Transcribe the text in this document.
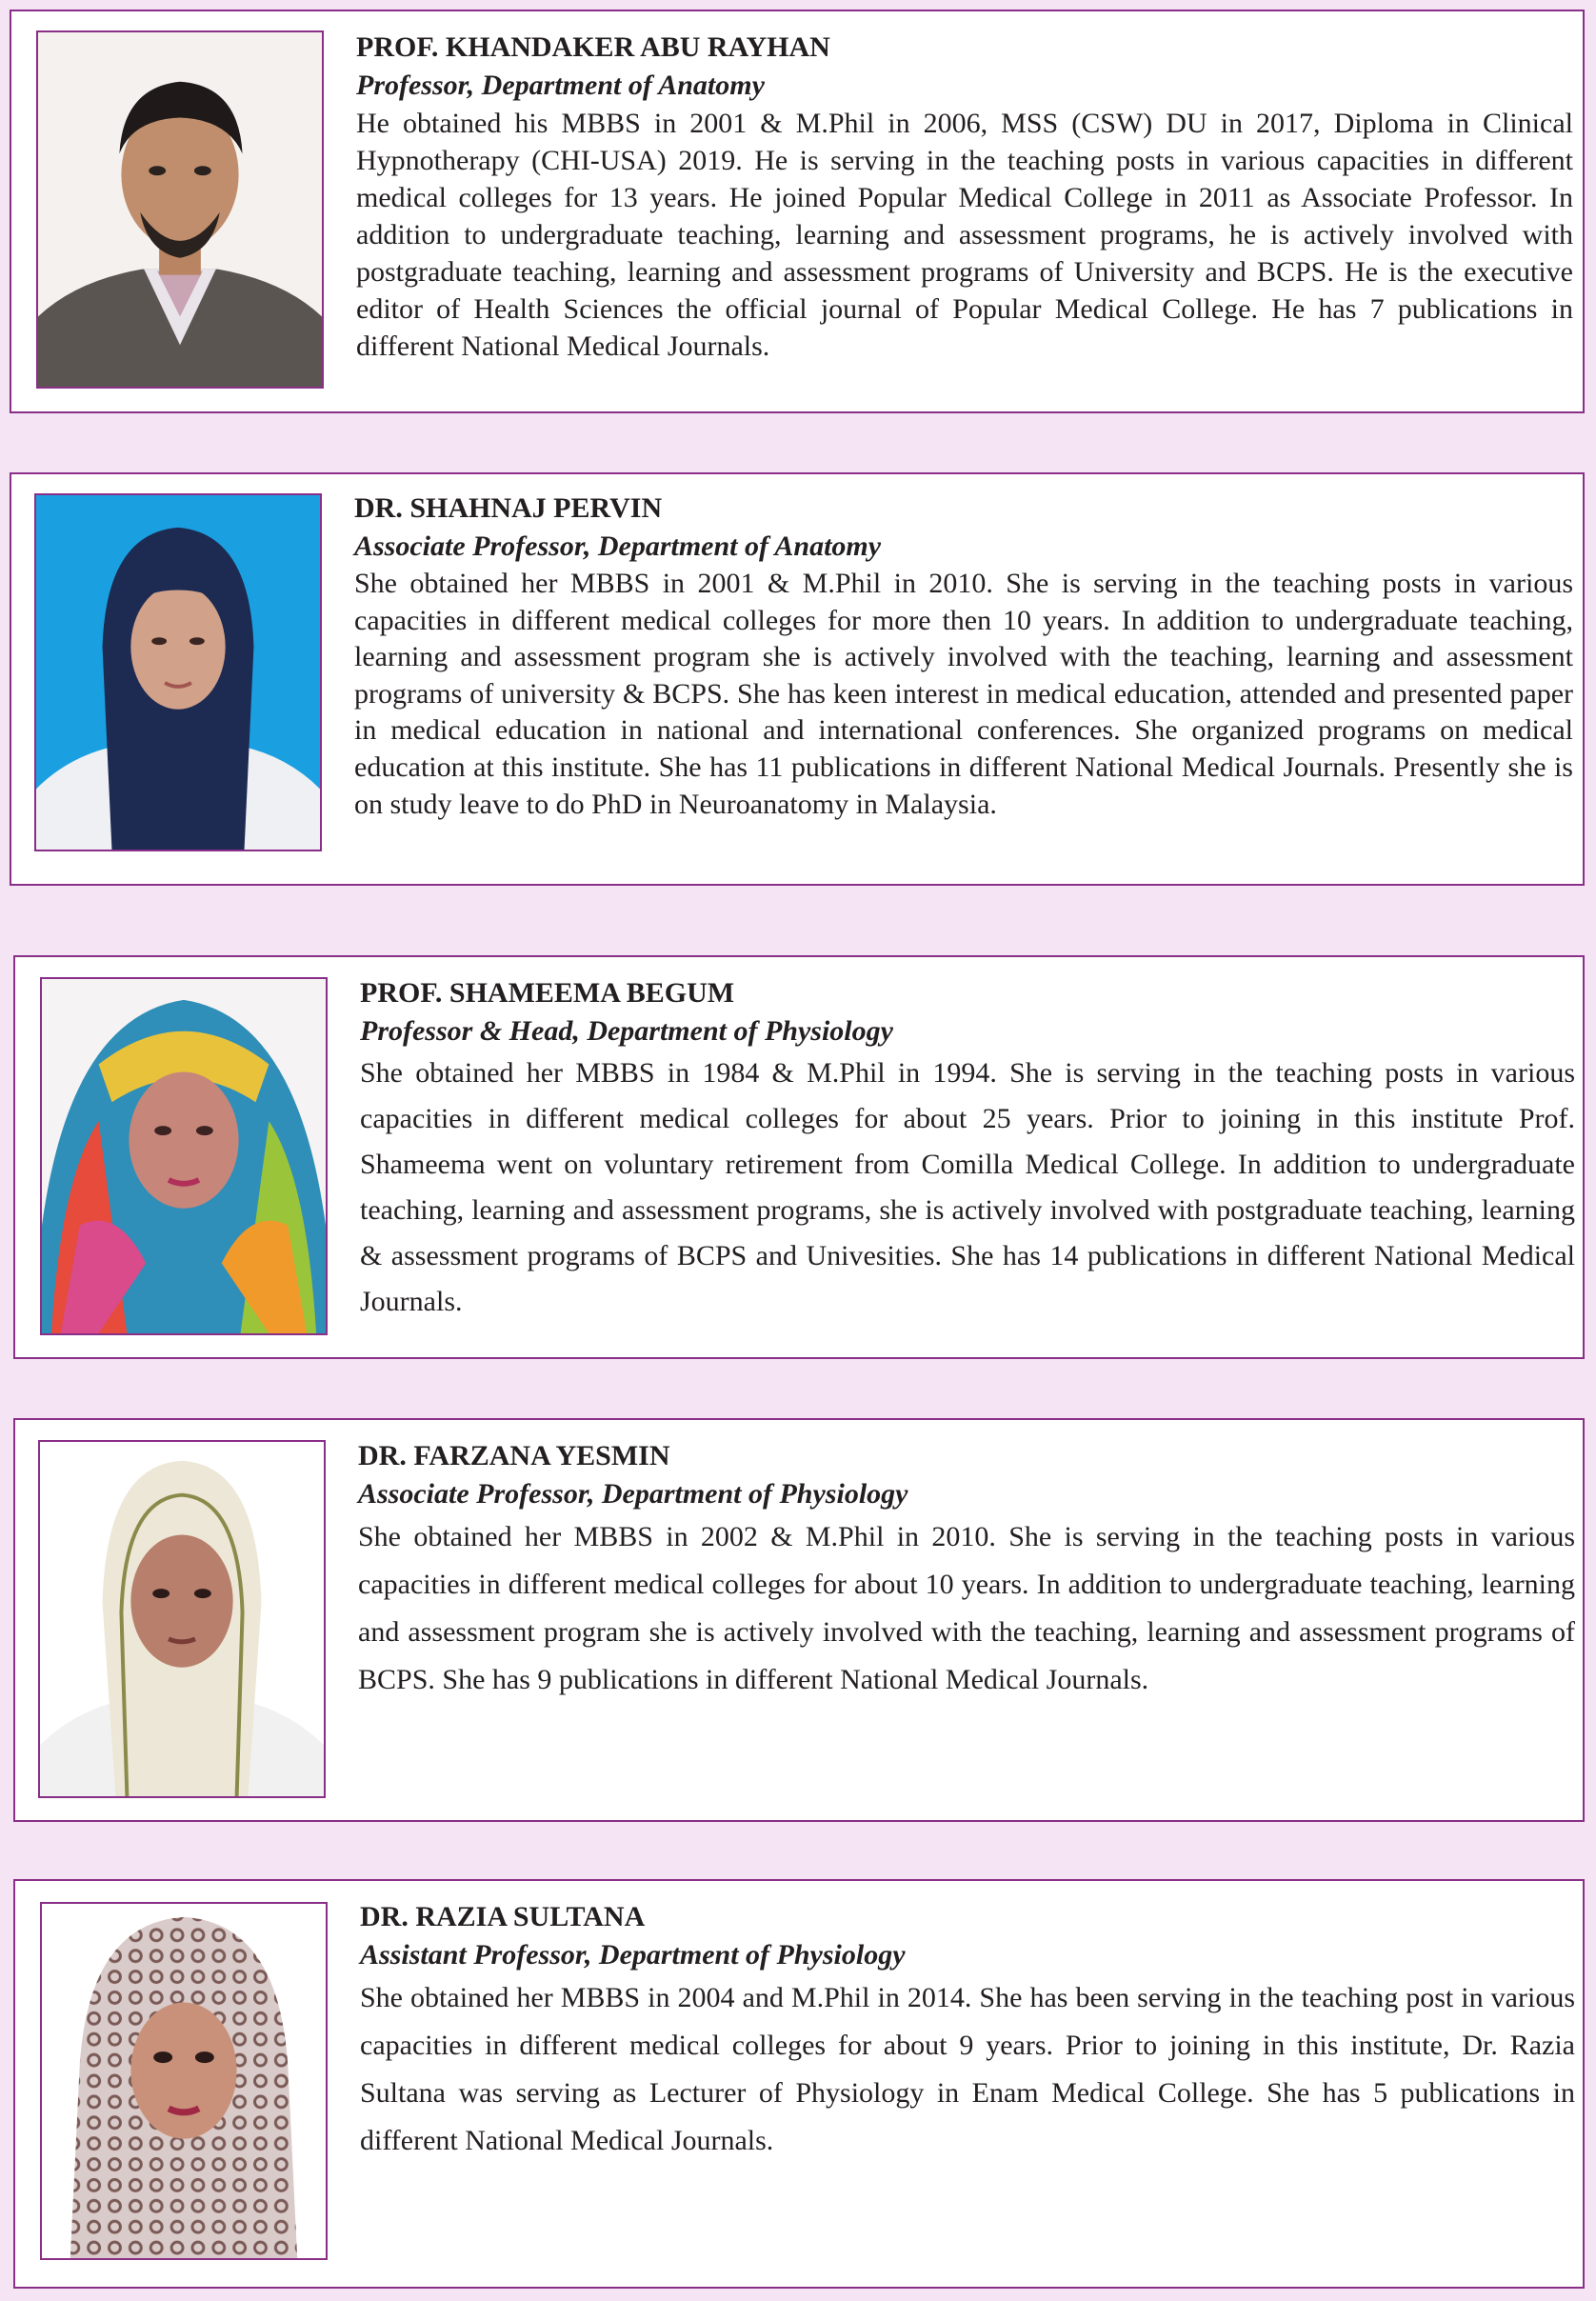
PROF. KHANDAKER ABU RAYHAN

Professor, Department of Anatomy

He obtained his MBBS in 2001 & M.Phil in 2006, MSS (CSW) DU in 2017, Diploma in Clinical Hypnotherapy (CHI-USA) 2019. He is serving in the teaching posts in various capacities in different medical colleges for 13 years. He joined Popular Medical College in 2011 as Associate Professor. In addition to undergraduate teaching, learning and assessment programs, he is actively involved with postgraduate teaching, learning and assessment programs of University and BCPS. He is the executive editor of Health Sciences the official journal of Popular Medical College. He has 7 publications in different National Medical Journals.

DR. SHAHNAJ PERVIN

Associate Professor, Department of Anatomy

She obtained her MBBS in 2001 & M.Phil in 2010. She is serving in the teaching posts in various capacities in different medical colleges for more then 10 years. In addition to undergraduate teaching, learning and assessment program she is actively involved with the teaching, learning and assessment programs of university & BCPS. She has keen interest in medical education, attended and presented paper in medical education in national and international conferences. She organized programs on medical education at this institute. She has 11 publications in different National Medical Journals. Presently she is on study leave to do PhD in Neuroanatomy in Malaysia.

PROF. SHAMEEMA BEGUM

Professor & Head, Department of Physiology

She obtained her MBBS in 1984 & M.Phil in 1994. She is serving in the teaching posts in various capacities in different medical colleges for about 25 years. Prior to joining in this institute Prof. Shameema went on voluntary retirement from Comilla Medical College. In addition to undergraduate teaching, learning and assessment programs, she is actively involved with postgraduate teaching, learning & assessment programs of BCPS and Univesities. She has 14 publications in different National Medical Journals.

DR. FARZANA YESMIN

Associate Professor, Department of Physiology

She obtained her MBBS in 2002 & M.Phil in 2010. She is serving in the teaching posts in various capacities in different medical colleges for about 10 years. In addition to undergraduate teaching, learning and assessment program she is actively involved with the teaching, learning and assessment programs of BCPS. She has 9 publications in different National Medical Journals.

DR. RAZIA SULTANA

Assistant Professor, Department of Physiology

She obtained her MBBS in 2004 and M.Phil in 2014. She has been serving in the teaching post in various capacities in different medical colleges for about 9 years. Prior to joining in this institute, Dr. Razia Sultana was serving as Lecturer of Physiology in Enam Medical College. She has 5 publications in different National Medical Journals.
